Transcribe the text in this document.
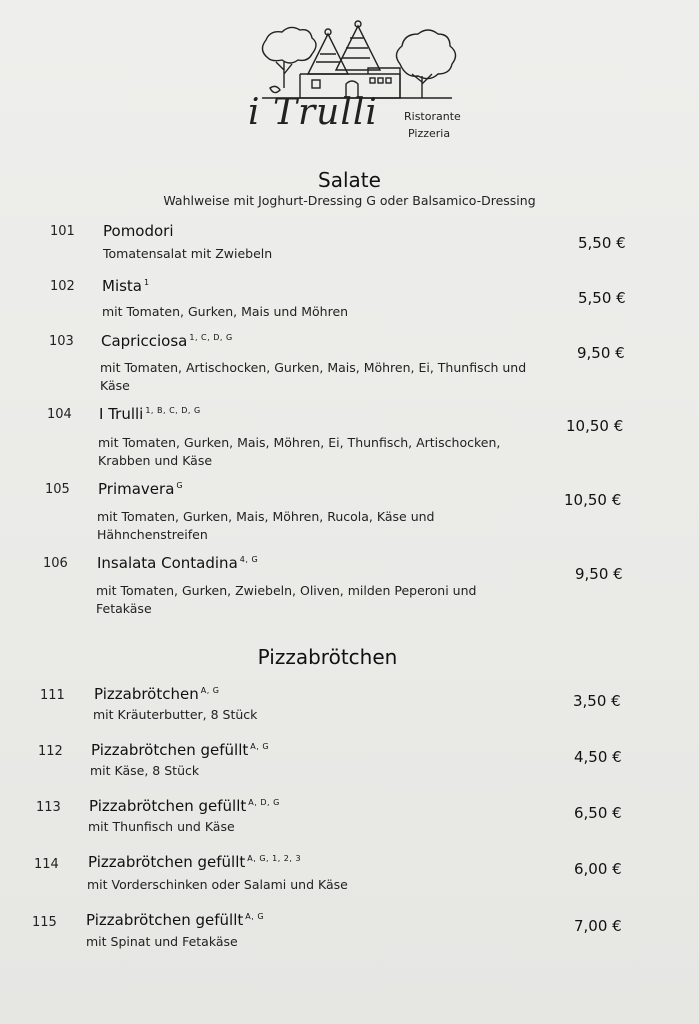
i Trulli Ristorante
Pizzeria
Salate
Wahlweise mit Joghurt-Dressing G oder Balsamico-Dressing
101 Pomodori
Tomatensalat mit Zwiebeln
5,50 €
102 Mista $^1$
mit Tomaten, Gurken, Mais und Möhren
5,50 €
103 Capricciosa $^{1, C, D, G}$
mit Tomaten, Artischocken, Gurken, Mais, Möhren, Ei, Thunfisch und Käse
9,50 €
104 I Trulli $^{1, B, C, D, G}$
mit Tomaten, Gurken, Mais, Möhren, Ei, Thunfisch, Artischocken, Krabben und Käse
10,50 €
105 Primavera $^G$
mit Tomaten, Gurken, Mais, Möhren, Rucola, Käse und Hähnchenstreifen
10,50 €
106 Insalata Contadina $^{4, G}$
mit Tomaten, Gurken, Zwiebeln, Oliven, milden Peperoni und Fetakäse
9,50 €
Pizzabrötchen
111 Pizzabrötchen $^{A, G}$
mit Kräuterbutter, 8 Stück
3,50 €
112 Pizzabrötchen gefüllt $^{A, G}$
mit Käse, 8 Stück
4,50 €
113 Pizzabrötchen gefüllt $^{A, D, G}$
mit Thunfisch und Käse
6,50 €
114 Pizzabrötchen gefüllt $^{A, G, 1, 2, 3}$
mit Vorderschinken oder Salami und Käse
6,00 €
115 Pizzabrötchen gefüllt $^{A, G}$
mit Spinat und Fetakäse
7,00 €
